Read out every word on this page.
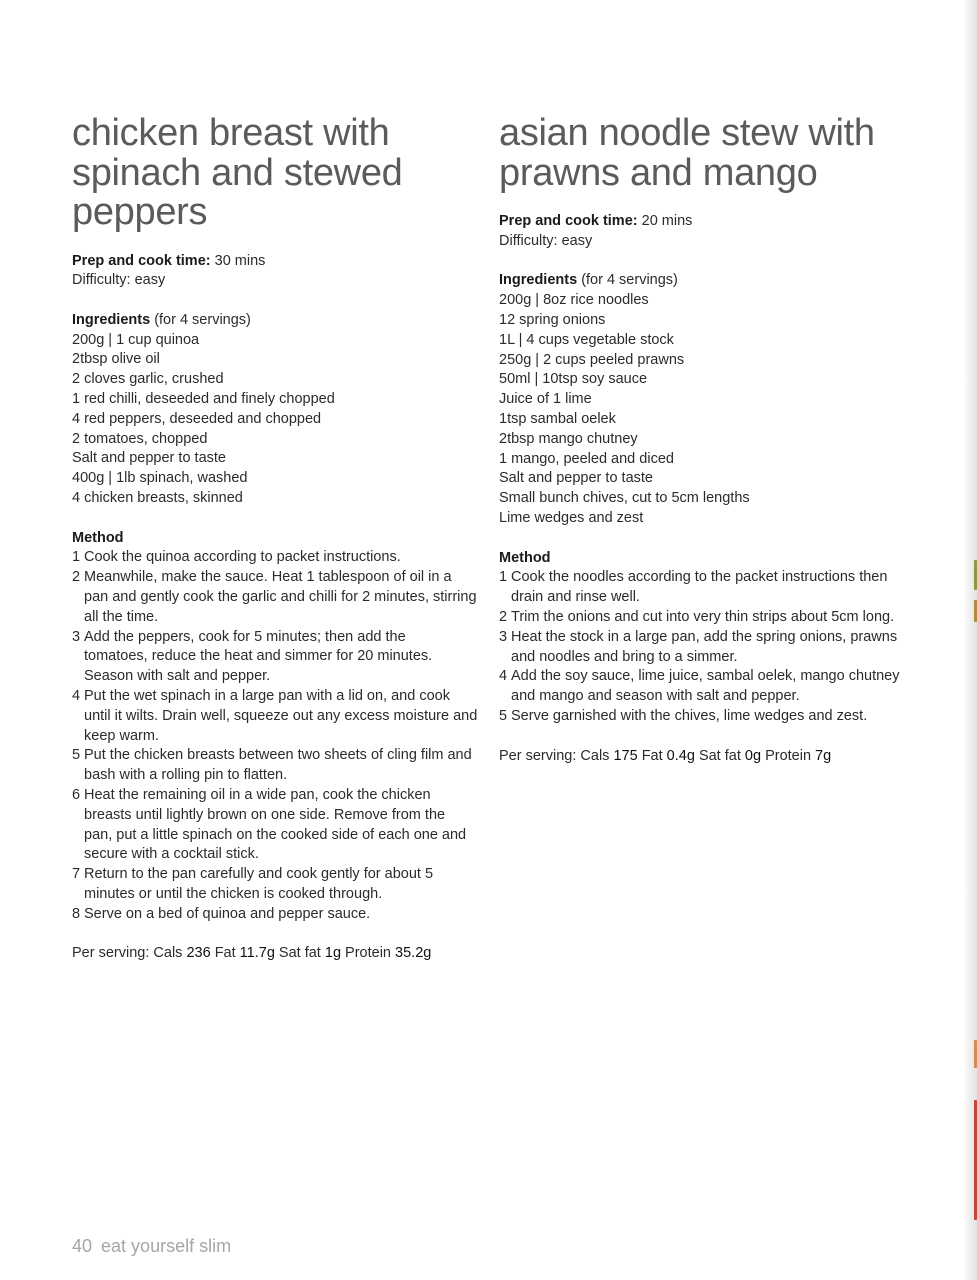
chicken breast with
spinach and stewed
peppers

Prep and cook time: 30 mins

Difficulty: easy

Ingredients (for 4 servings)

200g | 1 cup quinoa

2tbsp olive oil

2 cloves garlic, crushed

1 red chilli, deseeded and finely chopped

4 red peppers, deseeded and chopped

2 tomatoes, chopped

Salt and pepper to taste

400g | 1lb spinach, washed

4 chicken breasts, skinned

Method

1 Cook the quinoa according to packet instructions.

2 Meanwhile, make the sauce. Heat 1 tablespoon of oil in a

pan and gently cook the garlic and chilli for 2 minutes, stirring

all the time.

3 Add the peppers, cook for 5 minutes; then add the

tomatoes, reduce the heat and simmer for 20 minutes.

Season with salt and pepper.

4 Put the wet spinach in a large pan with a lid on, and cook

until it wilts. Drain well, squeeze out any excess moisture and

keep warm.

5 Put the chicken breasts between two sheets of cling film and

bash with a rolling pin to flatten.

6 Heat the remaining oil in a wide pan, cook the chicken

breasts until lightly brown on one side. Remove from the

pan, put a little spinach on the cooked side of each one and

secure with a cocktail stick.

7 Return to the pan carefully and cook gently for about 5

minutes or until the chicken is cooked through.

8 Serve on a bed of quinoa and pepper sauce.

Per serving: Cals 236 Fat 11.7g Sat fat 1g Protein 35.2g

asian noodle stew with
prawns and mango

Prep and cook time: 20 mins

Difficulty: easy

Ingredients (for 4 servings)

200g | 8oz rice noodles

12 spring onions

1L | 4 cups vegetable stock

250g | 2 cups peeled prawns

50ml | 10tsp soy sauce

Juice of 1 lime

1tsp sambal oelek

2tbsp mango chutney

1 mango, peeled and diced

Salt and pepper to taste

Small bunch chives, cut to 5cm lengths

Lime wedges and zest

Method

1 Cook the noodles according to the packet instructions then

drain and rinse well.

2 Trim the onions and cut into very thin strips about 5cm long.

3 Heat the stock in a large pan, add the spring onions, prawns

and noodles and bring to a simmer.

4 Add the soy sauce, lime juice, sambal oelek, mango chutney

and mango and season with salt and pepper.

5 Serve garnished with the chives, lime wedges and zest.

Per serving: Cals 175 Fat 0.4g Sat fat 0g Protein 7g

40 eat yourself slim
